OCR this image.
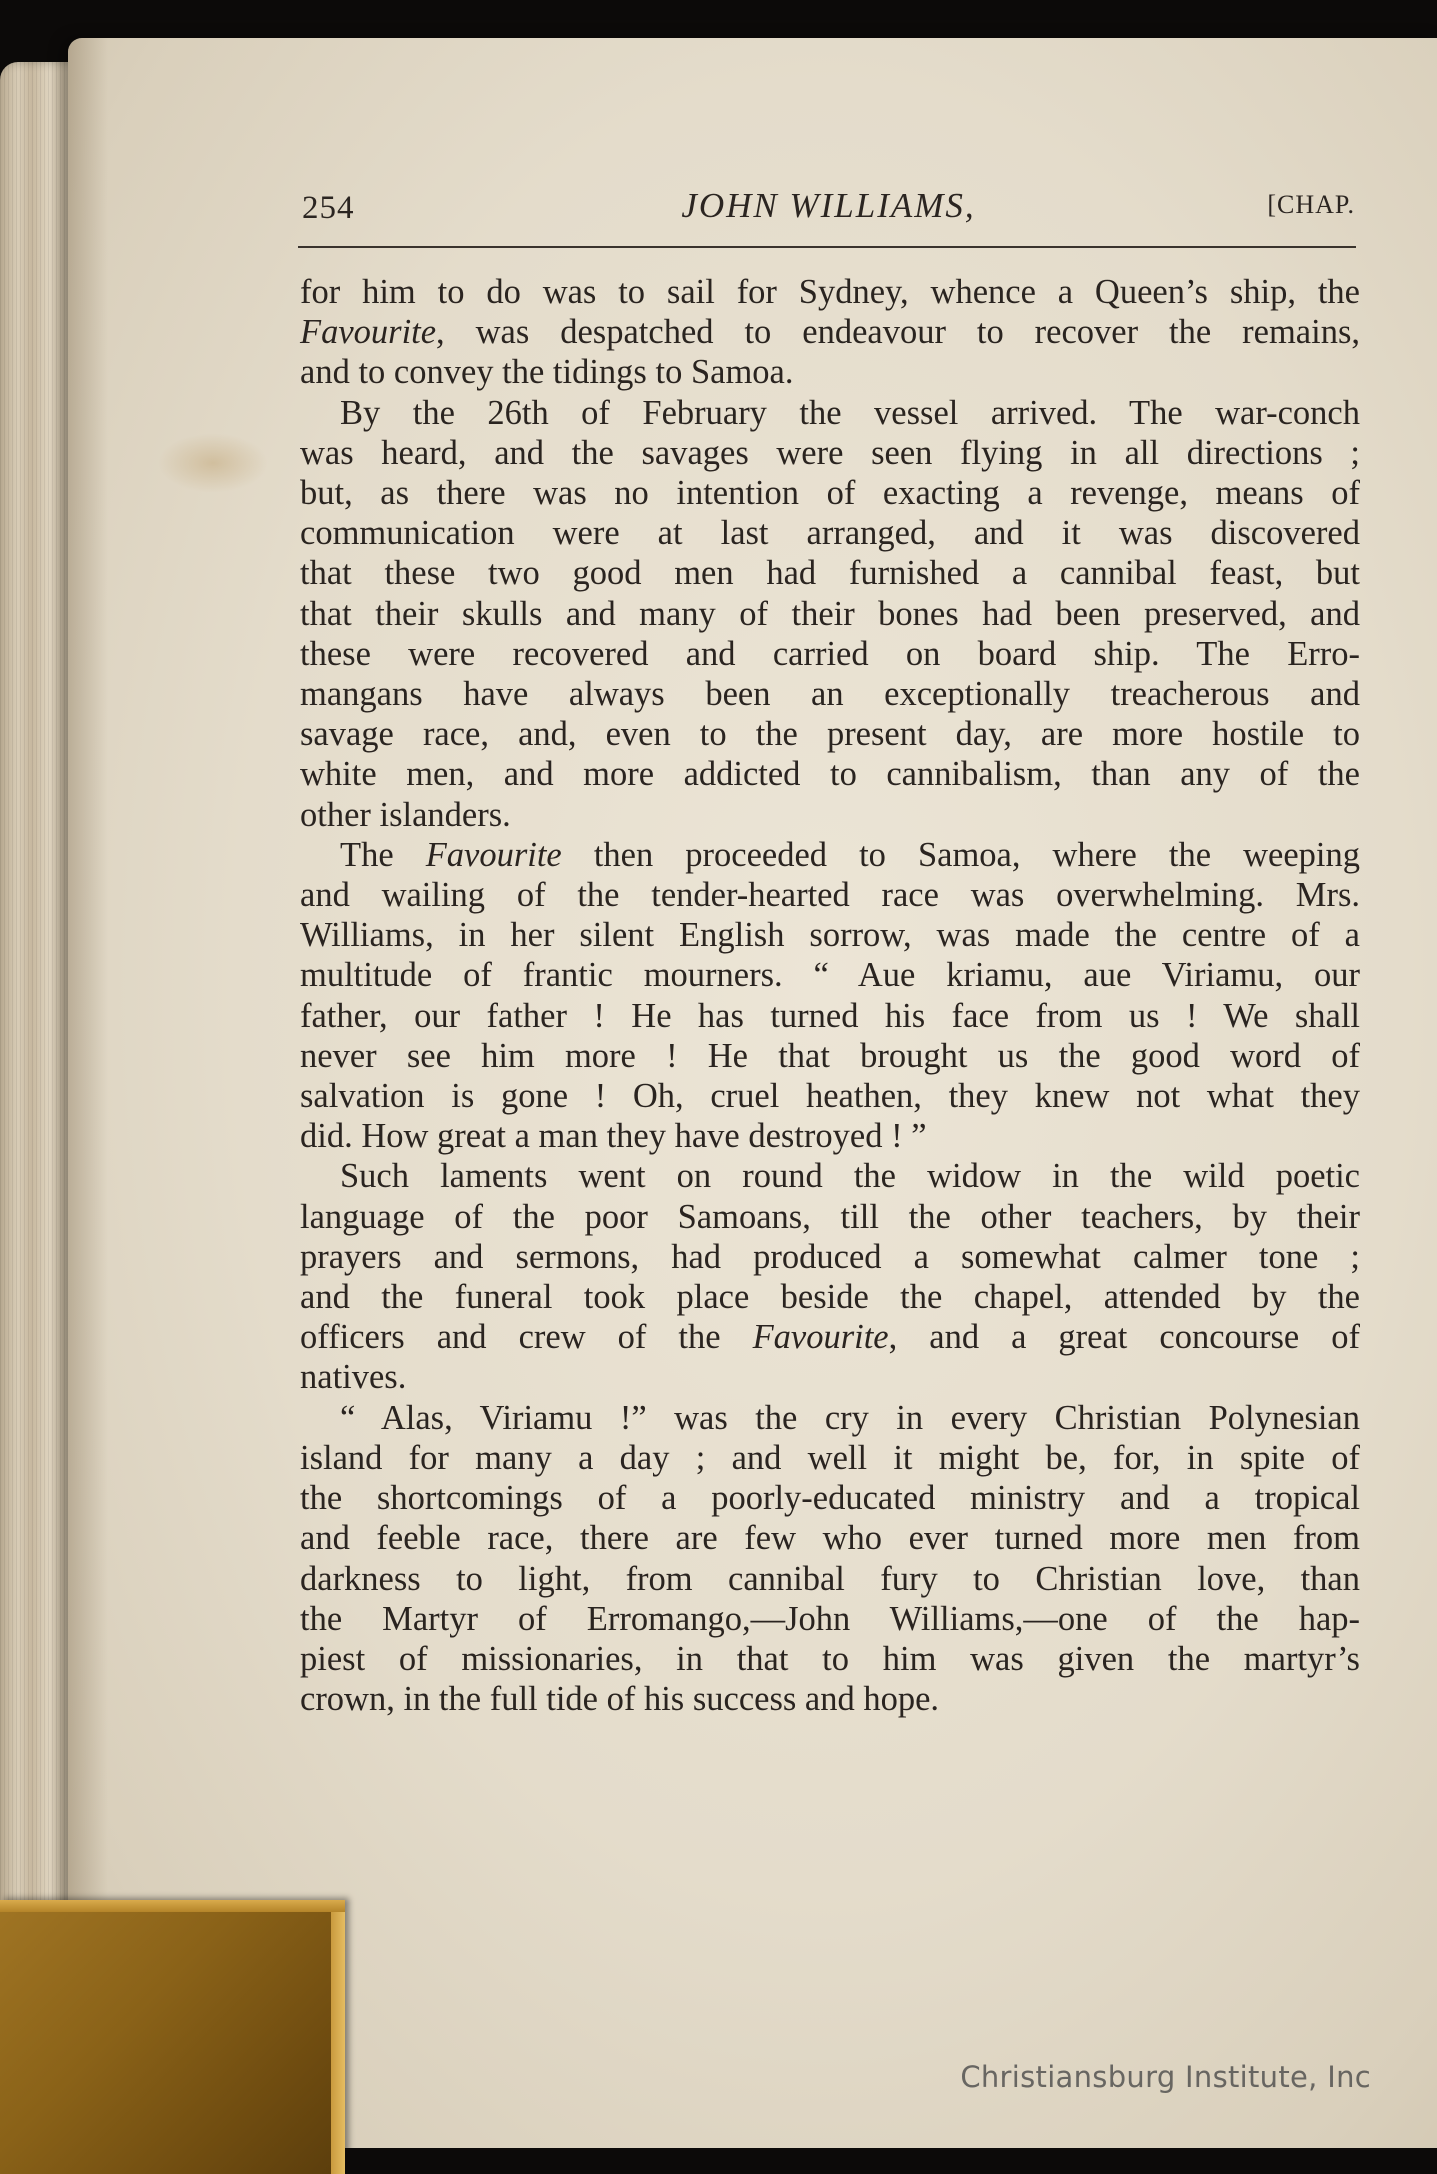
254	JOHN WILLIAMS,	[CHAP.

for him to do was to sail for Sydney, whence a Queen’s ship, the
Favourite, was despatched to endeavour to recover the remains,
and to convey the tidings to Samoa.

By the 26th of February the vessel arrived. The war-conch
was heard, and the savages were seen flying in all directions ;
but, as there was no intention of exacting a revenge, means of
communication were at last arranged, and it was discovered
that these two good men had furnished a cannibal feast, but
that their skulls and many of their bones had been preserved, and
these were recovered and carried on board ship. The Erro-
mangans have always been an exceptionally treacherous and
savage race, and, even to the present day, are more hostile to
white men, and more addicted to cannibalism, than any of the
other islanders.

The Favourite then proceeded to Samoa, where the weeping
and wailing of the tender-hearted race was overwhelming. Mrs.
Williams, in her silent English sorrow, was made the centre of a
multitude of frantic mourners. “ Aue kriamu, aue Viriamu, our
father, our father ! He has turned his face from us ! We shall
never see him more ! He that brought us the good word of
salvation is gone ! Oh, cruel heathen, they knew not what they
did. How great a man they have destroyed ! ”

Such laments went on round the widow in the wild poetic
language of the poor Samoans, till the other teachers, by their
prayers and sermons, had produced a somewhat calmer tone ;
and the funeral took place beside the chapel, attended by the
officers and crew of the Favourite, and a great concourse of
natives.

“ Alas, Viriamu !” was the cry in every Christian Polynesian
island for many a day ; and well it might be, for, in spite of
the shortcomings of a poorly-educated ministry and a tropical
and feeble race, there are few who ever turned more men from
darkness to light, from cannibal fury to Christian love, than
the Martyr of Erromango,—John Williams,—one of the hap-
piest of missionaries, in that to him was given the martyr’s
crown, in the full tide of his success and hope.

Christiansburg Institute, Inc
